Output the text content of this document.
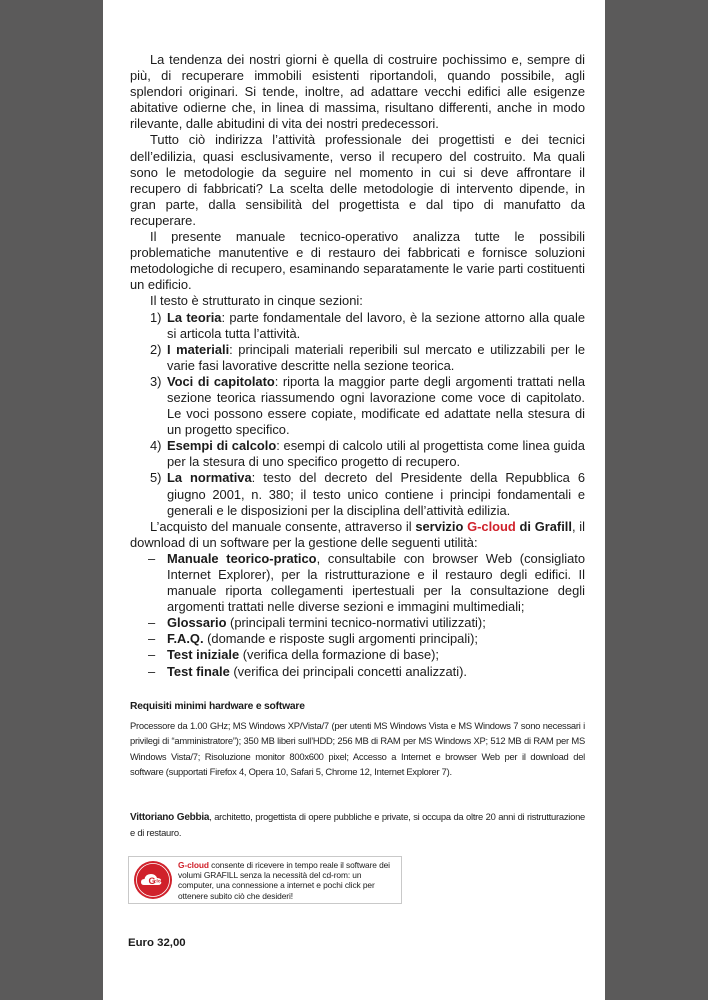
La tendenza dei nostri giorni è quella di costruire pochissimo e, sempre di più, di recuperare immobili esistenti riportandoli, quando possibile, agli splendori originari. Si tende, inoltre, ad adattare vecchi edifici alle esigenze abitative odierne che, in linea di massima, risultano differenti, anche in modo rilevante, dalle abitudini di vita dei nostri predecessori.

Tutto ciò indirizza l’attività professionale dei progettisti e dei tecnici dell’edilizia, quasi esclusivamente, verso il recupero del costruito. Ma quali sono le metodologie da seguire nel momento in cui si deve affrontare il recupero di fabbricati? La scelta delle metodologie di intervento dipende, in gran parte, dalla sensibilità del progettista e dal tipo di manufatto da recuperare.

Il presente manuale tecnico-operativo analizza tutte le possibili problematiche manutentive e di restauro dei fabbricati e fornisce soluzioni metodologiche di recupero, esaminando separatamente le varie parti costituenti un edificio.

Il testo è strutturato in cinque sezioni:

1) La teoria: parte fondamentale del lavoro, è la sezione attorno alla quale si articola tutta l’attività.
2) I materiali: principali materiali reperibili sul mercato e utilizzabili per le varie fasi lavorative descritte nella sezione teorica.
3) Voci di capitolato: riporta la maggior parte degli argomenti trattati nella sezione teorica riassumendo ogni lavorazione come voce di capitolato. Le voci possono essere copiate, modificate ed adattate nella stesura di un progetto specifico.
4) Esempi di calcolo: esempi di calcolo utili al progettista come linea guida per la stesura di uno specifico progetto di recupero.
5) La normativa: testo del decreto del Presidente della Repubblica 6 giugno 2001, n. 380; il testo unico contiene i principi fondamentali e generali e le disposizioni per la disciplina dell’attività edilizia.

L’acquisto del manuale consente, attraverso il servizio G-cloud di Grafill, il download di un software per la gestione delle seguenti utilità:

– Manuale teorico-pratico, consultabile con browser Web (consigliato Internet Explorer), per la ristrutturazione e il restauro degli edifici. Il manuale riporta collegamenti ipertestuali per la consultazione degli argomenti trattati nelle diverse sezioni e immagini multimediali;
– Glossario (principali termini tecnico-normativi utilizzati);
– F.A.Q. (domande e risposte sugli argomenti principali);
– Test iniziale (verifica della formazione di base);
– Test finale (verifica dei principali concetti analizzati).
Requisiti minimi hardware e software
Processore da 1.00 GHz; MS Windows XP/Vista/7 (per utenti MS Windows Vista e MS Windows 7 sono necessari i privilegi di “amministratore”); 350 MB liberi sull’HDD; 256 MB di RAM per MS Windows XP; 512 MB di RAM per MS Windows Vista/7; Risoluzione monitor 800x600 pixel; Accesso a Internet e browser Web per il download del software (supportati Firefox 4, Opera 10, Safari 5, Chrome 12, Internet Explorer 7).
Vittoriano Gebbia, architetto, progettista di opere pubbliche e private, si occupa da oltre 20 anni di ristrutturazione e di restauro.
G
cloud
G-cloud consente di ricevere in tempo reale il software dei volumi GRAFILL senza la necessità del cd-rom: un computer, una connessione a internet e pochi click per ottenere subito ciò che desideri!
Euro 32,00
